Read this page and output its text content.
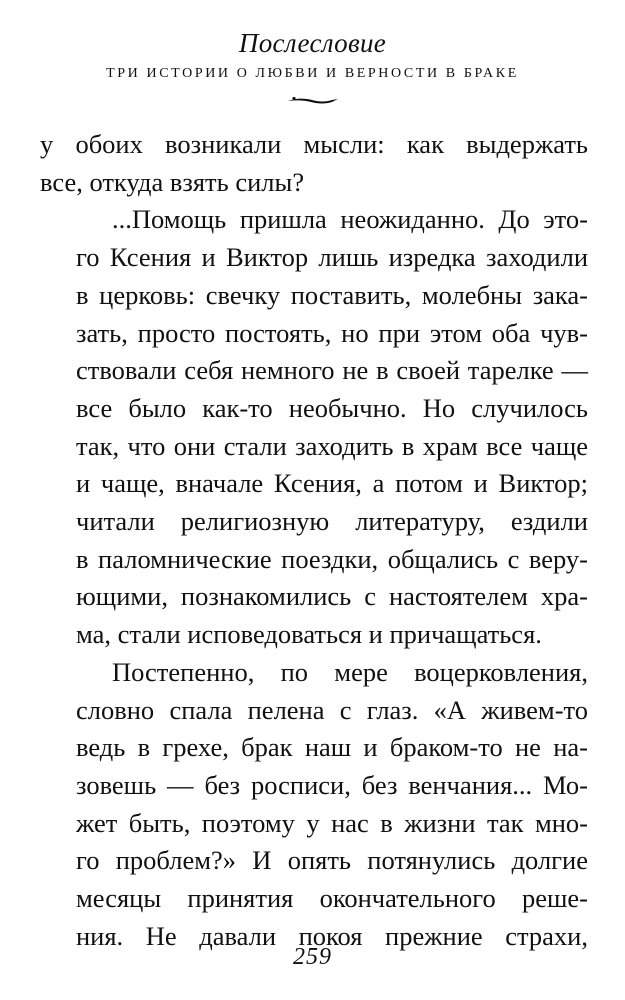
Послесловие
ТРИ ИСТОРИИ О ЛЮБВИ И ВЕРНОСТИ В БРАКЕ

у обоих возникали мысли: как выдержать
все, откуда взять силы?

...Помощь пришла неожиданно. До это-
го Ксения и Виктор лишь изредка заходили
в церковь: свечку поставить, молебны зака-
зать, просто постоять, но при этом оба чув-
ствовали себя немного не в своей тарелке —
все было как-то необычно. Но случилось
так, что они стали заходить в храм все чаще
и чаще, вначале Ксения, а потом и Виктор;
читали религиозную литературу, ездили
в паломнические поездки, общались с веру-
ющими, познакомились с настоятелем хра-
ма, стали исповедоваться и причащаться.

Постепенно, по мере воцерковления,
словно спала пелена с глаз. «А живем-то
ведь в грехе, брак наш и браком-то не на-
зовешь — без росписи, без венчания... Мо-
жет быть, поэтому у нас в жизни так мно-
го проблем?» И опять потянулись долгие
месяцы принятия окончательного реше-
ния. Не давали покоя прежние страхи,

259
